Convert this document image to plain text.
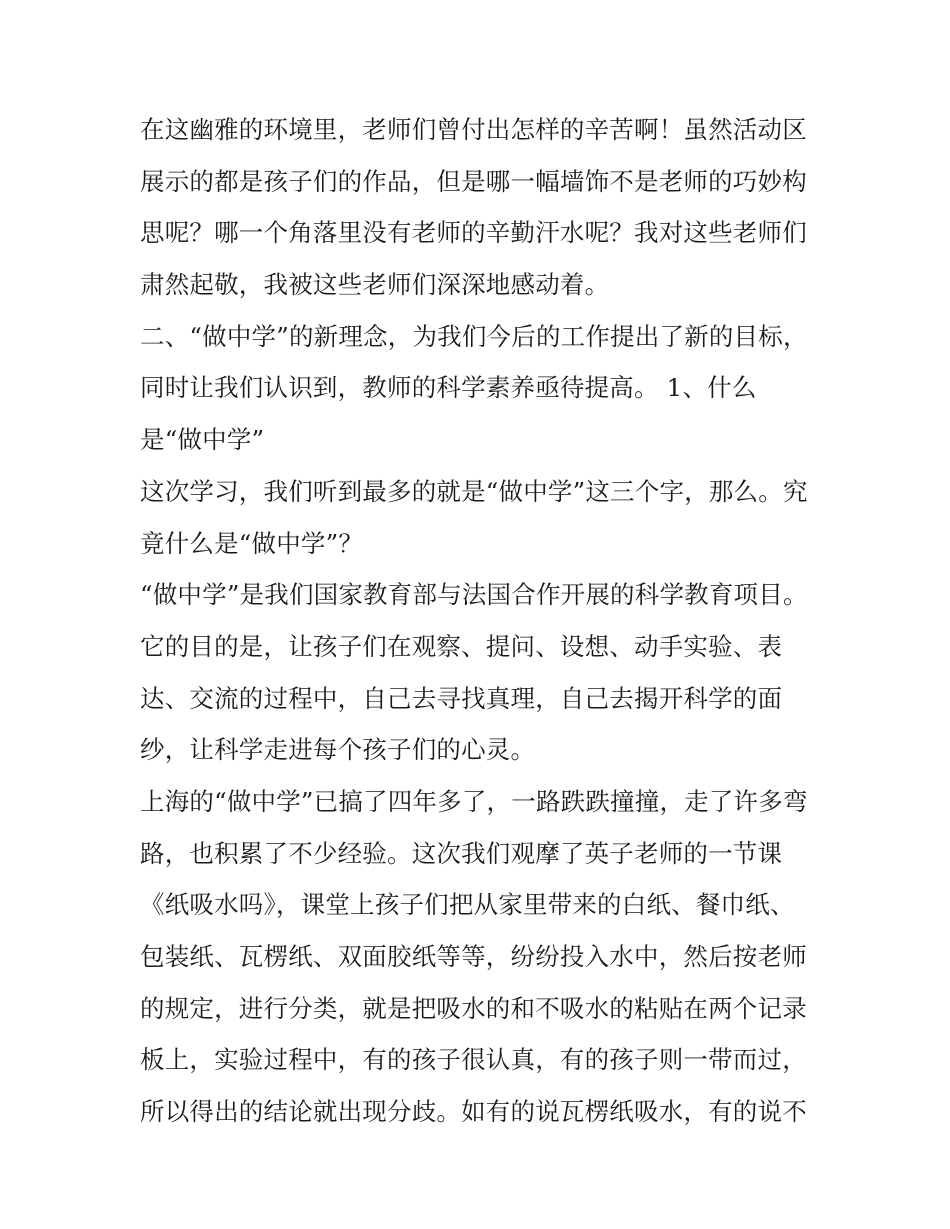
在这幽雅的环境里，老师们曾付出怎样的辛苦啊！虽然活动区
展示的都是孩子们的作品，但是哪一幅墙饰不是老师的巧妙构
思呢？哪一个角落里没有老师的辛勤汗水呢？我对这些老师们
肃然起敬，我被这些老师们深深地感动着。
二、“做中学”的新理念，为我们今后的工作提出了新的目标，
同时让我们认识到，教师的科学素养亟待提高。 1、什么
是“做中学”
这次学习，我们听到最多的就是“做中学”这三个字，那么。究
竟什么是“做中学”？
“做中学”是我们国家教育部与法国合作开展的科学教育项目。
它的目的是，让孩子们在观察、提问、设想、动手实验、表
达、交流的过程中，自己去寻找真理，自己去揭开科学的面
纱，让科学走进每个孩子们的心灵。
上海的“做中学”已搞了四年多了，一路跌跌撞撞，走了许多弯
路，也积累了不少经验。这次我们观摩了英子老师的一节课
《纸吸水吗》，课堂上孩子们把从家里带来的白纸、餐巾纸、
包装纸、瓦楞纸、双面胶纸等等，纷纷投入水中，然后按老师
的规定，进行分类，就是把吸水的和不吸水的粘贴在两个记录
板上，实验过程中，有的孩子很认真，有的孩子则一带而过，
所以得出的结论就出现分歧。如有的说瓦楞纸吸水，有的说不
